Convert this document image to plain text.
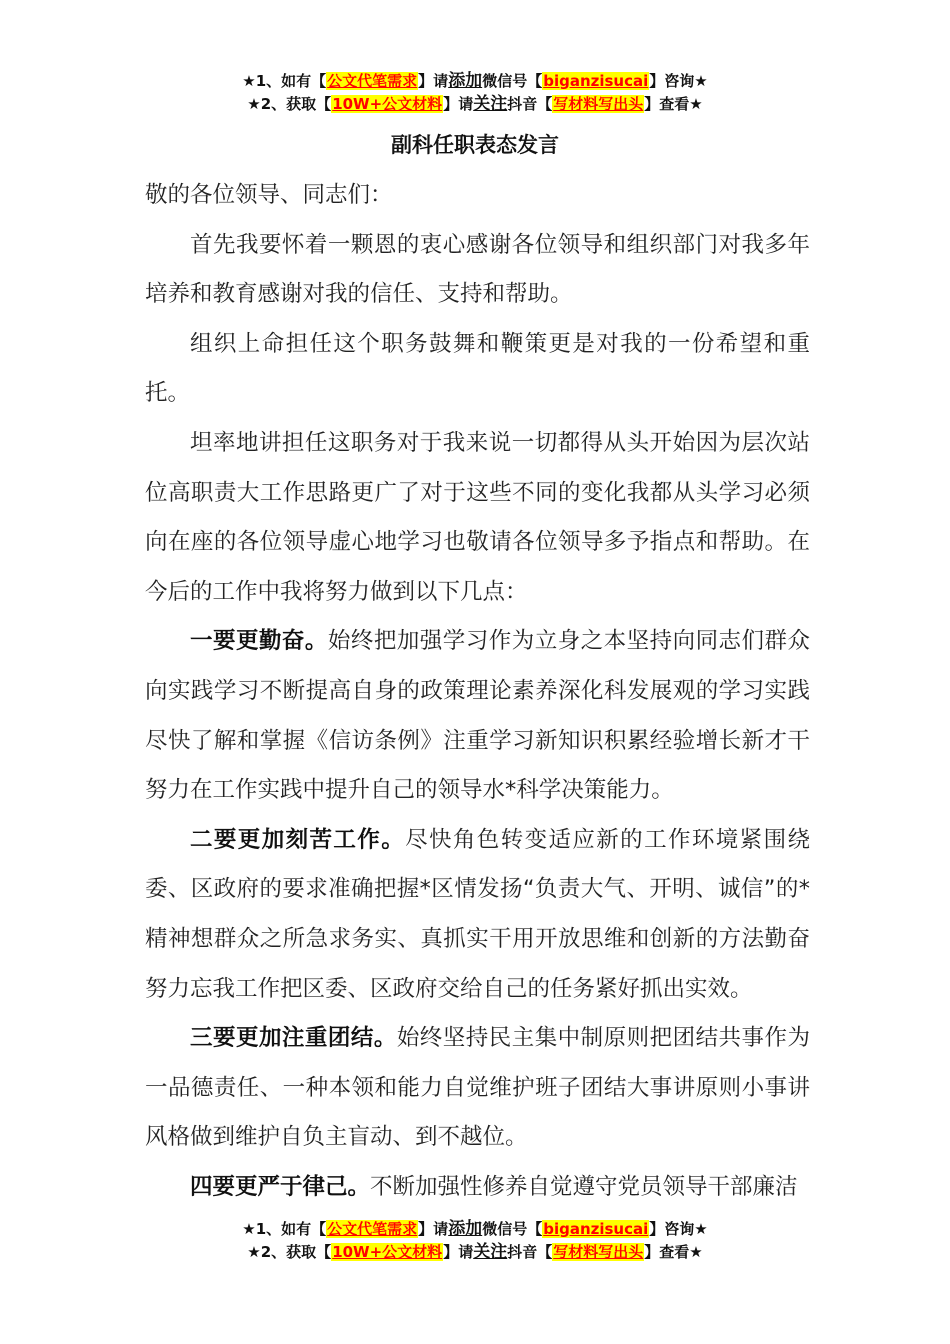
★1、如有【公文代笔需求】请添加微信号【biganzisucai】咨询★
★2、获取【10W+公文材料】请关注抖音【写材料写出头】查看★
副科任职表态发言

敬的各位领导、同志们：

首先我要怀着一颗恩的衷心感谢各位领导和组织部门对我多年培养和教育感谢对我的信任、支持和帮助。

组织上命担任这个职务鼓舞和鞭策更是对我的一份希望和重托。

坦率地讲担任这职务对于我来说一切都得从头开始因为层次站位高职责大工作思路更广了对于这些不同的变化我都从头学习必须向在座的各位领导虚心地学习也敬请各位领导多予指点和帮助。在今后的工作中我将努力做到以下几点：

一要更勤奋。始终把加强学习作为立身之本坚持向同志们群众向实践学习不断提高自身的政策理论素养深化科发展观的学习实践尽快了解和掌握《信访条例》注重学习新知识积累经验增长新才干努力在工作实践中提升自己的领导水*科学决策能力。

二要更加刻苦工作。尽快角色转变适应新的工作环境紧围绕委、区政府的要求准确把握*区情发扬“负责大气、开明、诚信”的*精神想群众之所急求务实、真抓实干用开放思维和创新的方法勤奋努力忘我工作把区委、区政府交给自己的任务紧好抓出实效。

三要更加注重团结。始终坚持民主集中制原则把团结共事作为一品德责任、一种本领和能力自觉维护班子团结大事讲原则小事讲风格做到维护自负主盲动、到不越位。

四要更严于律己。不断加强性修养自觉遵守党员领导干部廉洁

★1、如有【公文代笔需求】请添加微信号【biganzisucai】咨询★
★2、获取【10W+公文材料】请关注抖音【写材料写出头】查看★
